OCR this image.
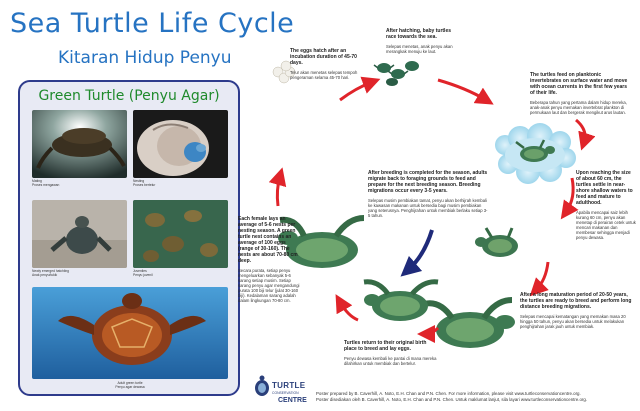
Sea Turtle Life Cycle
Kitaran Hidup Penyu
Green Turtle (Penyu Agar)
Mating
Proses mengawan
Nesting
Proses bertelur
Newly emerged hatchling
Anak penyu/tukik
Juveniles
Penyu juvenil
Adult green turtle
Penyu agar dewasa
The eggs hatch after an incubation duration of 45-70 days.
Telur akan menetas selepas tempoh pengeraman selama 45-70 hari.
After hatching, baby turtles race towards the sea.
Selepas menetas, anak penyu akan merangkak menuju ke laut.
The turtles feed on planktonic invertebrates on surface water and move with ocean currents in the first few years of their life.
Beberapa tahun yang pertama dalam hidup mereka, anak-anak penyu memakan invertebrat plankton di permukaan laut dan bergerak mengikut arus lautan.
Upon reaching the size of about 60 cm, the turtles settle in near-shore shallow waters to feed and mature to adulthood.
Apabila mencapai saiz lebih kurang 60 cm, penyu akan menetap di perairan cetek untuk mencari makanan dan membesar sehingga menjadi penyu dewasa.
After a long maturation period of 20-50 years, the turtles are ready to breed and perform long distance breeding migrations.
Selepas mencapai kematangan yang memakan masa 20 hingga 50 tahun, penyu akan bersedia untuk melakukan penghijrahan jarak jauh untuk membiak.
Turtles return to their original birth place to breed and lay eggs.
Penyu dewasa kembali ke pantai di mana mereka dilahirkan untuk membiak dan bertelur.
After breeding is completed for the season, adults migrate back to foraging grounds to feed and prepare for the next breeding season. Breeding migrations occur every 3-5 years.
Selepas musim pembiakan tamat, penyu akan berhijrah kembali ke kawasan makanan untuk bersedia bagi musim pembiakan yang seterusnya. Penghijrahan untuk membiak berlaku setiap 3-5 tahun.
Each female lays an average of 5-6 nests per nesting season. A green turtle nest contains an average of 100 eggs (range of 30-160). The nests are about 70-80 cm deep.
Secara purata, setiap penyu mengeluarkan sebanyak 5-6 sarang setiap musim. Setiap sarang penyu agar mengandungi purata 100 biji telur (julat 30-160 biji). Kedalaman sarang adalah dalam lingkungan 70-80 cm.
TURTLE
CONSERVATION
CENTRE
Poster prepared by B. Caverhill, A. Noto, E.H. Chan and P.N. Chen. For more information, please visit www.turtleconservationcentre.org.
Poster disediakan oleh B. Caverhill, A. Noto, E.H. Chan and P.N. Chen. Untuk maklumat lanjut, sila layari www.turtleconservationcentre.org.
